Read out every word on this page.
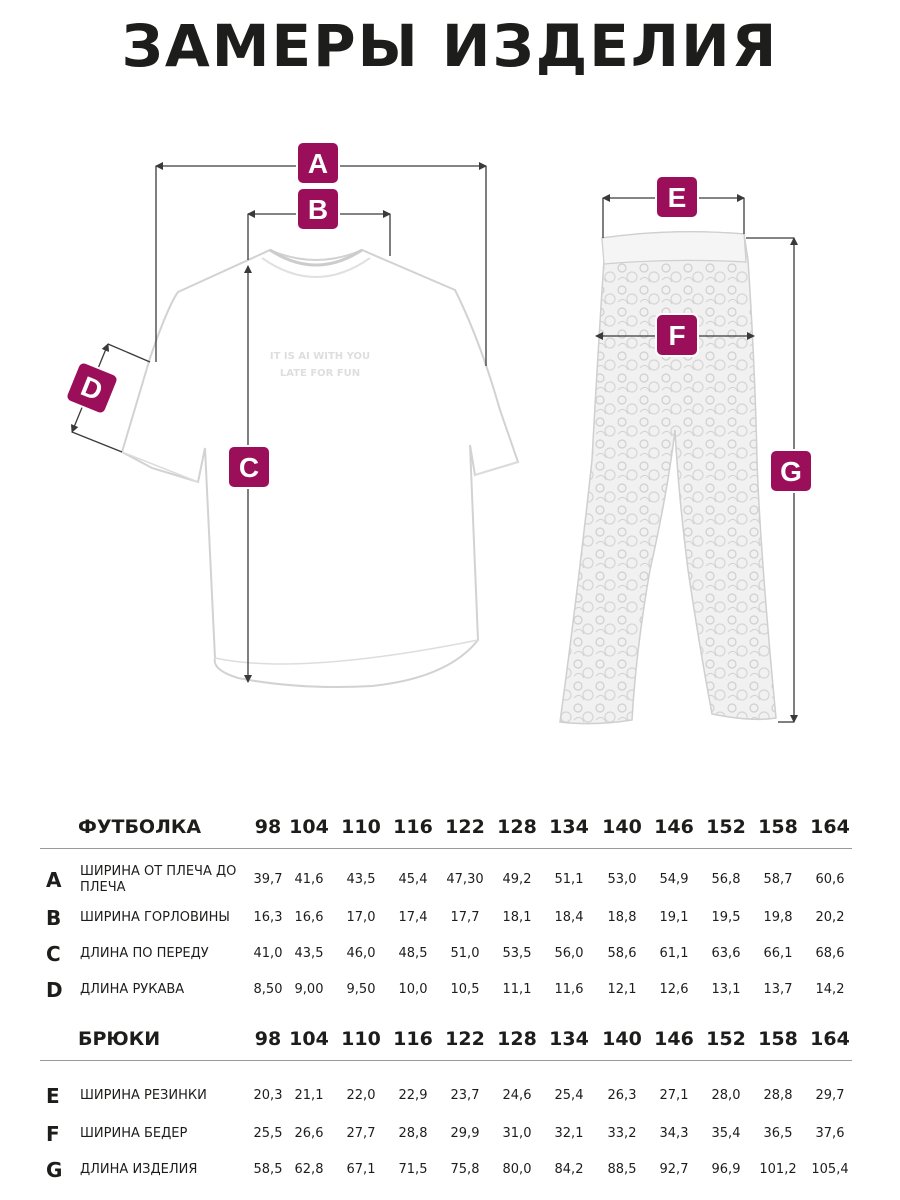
ЗАМЕРЫ ИЗДЕЛИЯ
IT IS AI WITH YOU
LATE FOR FUN
A
B
C
D
E
F
G
ФУТБОЛКА	98 104 110 116 122 128 134 140 146 152 158 164
A ШИРИНА ОТ ПЛЕЧА ДО ПЛЕЧА
39,7 41,6	43,5	45,4	47,30	49,2	51,1	53,0	54,9	56,8	58,7	60,6
B ШИРИНА ГОРЛОВИНЫ	16,3 16,6	17,0	17,4	17,7	18,1	18,4	18,8	19,1	19,5	19,8	20,2
C ДЛИНА ПО ПЕРЕДУ	41,0 43,5	46,0	48,5	51,0	53,5	56,0	58,6	61,1	63,6	66,1	68,6
D ДЛИНА РУКАВА	8,50 9,00	9,50	10,0	10,5	11,1	11,6	12,1	12,6	13,1	13,7	14,2
БРЮКИ	98 104 110 116 122 128 134 140 146 152 158 164
E ШИРИНА РЕЗИНКИ	20,3 21,1	22,0	22,9	23,7	24,6	25,4	26,3	27,1	28,0	28,8	29,7
F ШИРИНА БЕДЕР	25,5 26,6	27,7	28,8	29,9	31,0	32,1	33,2	34,3	35,4	36,5	37,6
G ДЛИНА ИЗДЕЛИЯ	58,5 62,8	67,1	71,5	75,8	80,0	84,2	88,5	92,7	96,9	101,2	105,4
